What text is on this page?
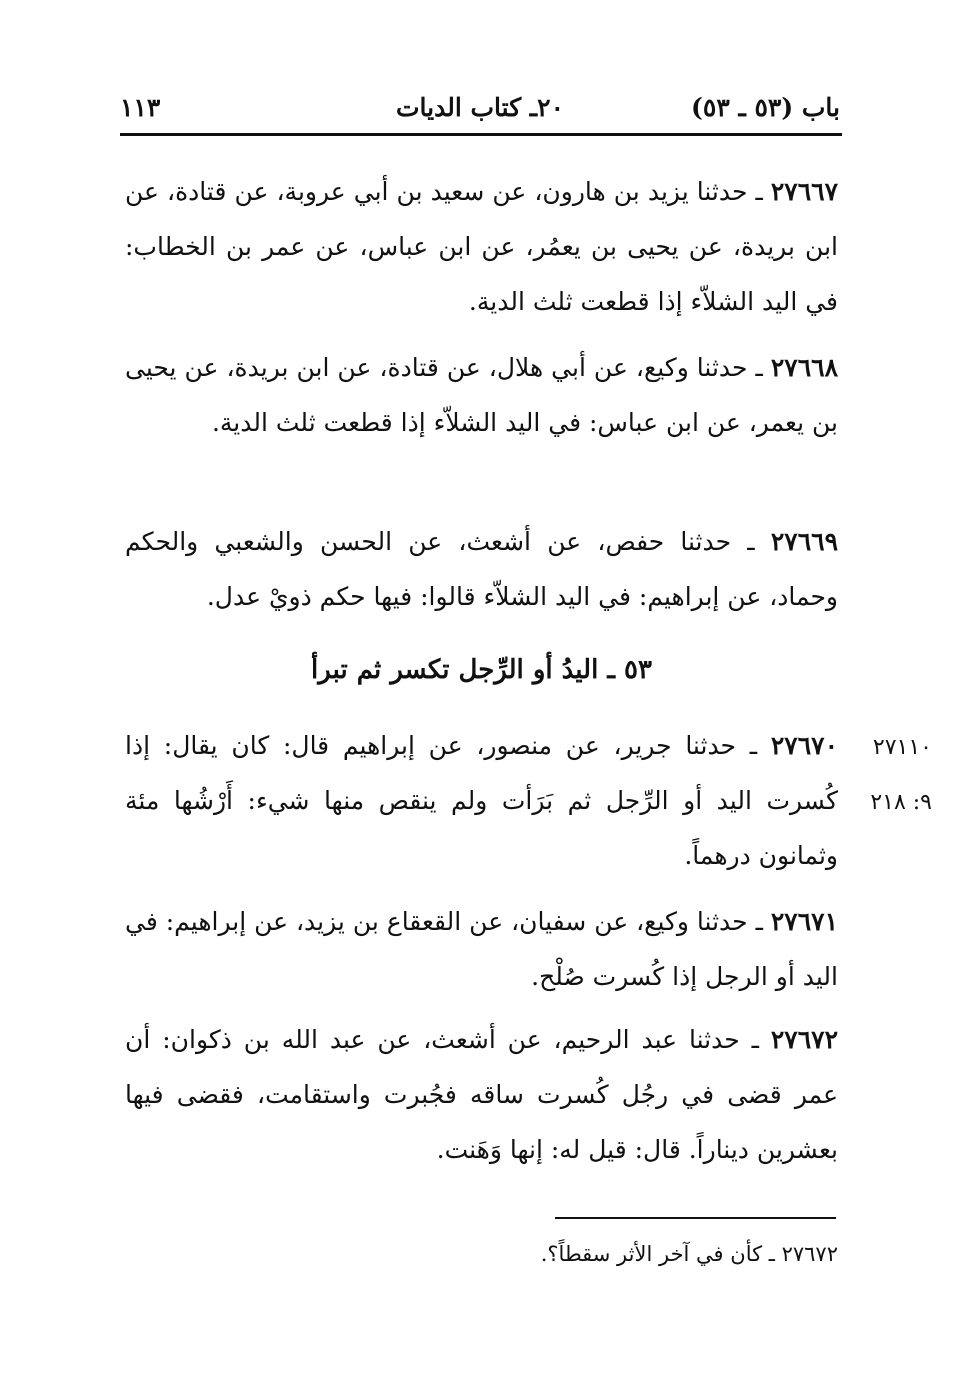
باب (٥٣ ـ ٥٣)
٢٠ـ كتاب الديات
١١٣
٢٧٦٦٧ ـ حدثنا يزيد بن هارون، عن سعيد بن أبي عروبة، عن قتادة، عن ابن بريدة، عن يحيى بن يعمُر، عن ابن عباس، عن عمر بن الخطاب: في اليد الشلاّء إذا قطعت ثلث الدية.
٢٧٦٦٨ ـ حدثنا وكيع، عن أبي هلال، عن قتادة، عن ابن بريدة، عن يحيى بن يعمر، عن ابن عباس: في اليد الشلاّء إذا قطعت ثلث الدية.
٢٧٦٦٩ ـ حدثنا حفص، عن أشعث، عن الحسن والشعبي والحكم وحماد، عن إبراهيم: في اليد الشلاّء قالوا: فيها حكم ذويْ عدل.
٥٣ ـ اليدُ أو الرِّجل تكسر ثم تبرأ
٢٧١١٠
٩: ٢١٨
٢٧٦٧٠ ـ حدثنا جرير، عن منصور، عن إبراهيم قال: كان يقال: إذا كُسرت اليد أو الرِّجل ثم بَرَأت ولم ينقص منها شيء: أَرْشُها مئة وثمانون درهماً.
٢٧٦٧١ ـ حدثنا وكيع، عن سفيان، عن القعقاع بن يزيد، عن إبراهيم: في اليد أو الرجل إذا كُسرت صُلْح.
٢٧٦٧٢ ـ حدثنا عبد الرحيم، عن أشعث، عن عبد الله بن ذكوان: أن عمر قضى في رجُل كُسرت ساقه فجُبرت واستقامت، فقضى فيها بعشرين ديناراً. قال: قيل له: إنها وَهَنت.
٢٧٦٧٢ ـ كأن في آخر الأثر سقطاً؟.
